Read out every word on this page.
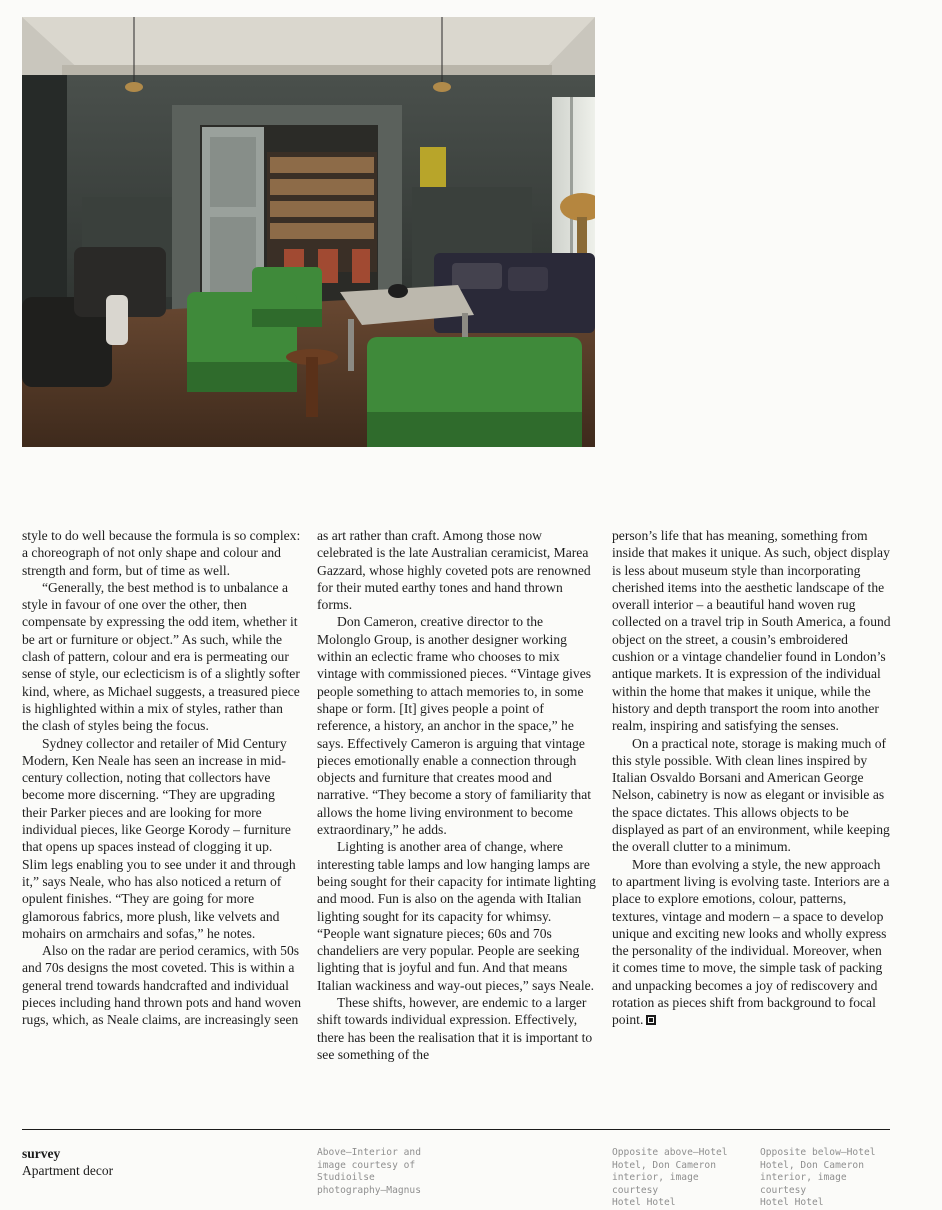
style to do well because the formula is so complex: a choreograph of not only shape and colour and strength and form, but of time as well.

“Generally, the best method is to unbalance a style in favour of one over the other, then compensate by expressing the odd item, whether it be art or furniture or object.” As such, while the clash of pattern, colour and era is permeating our sense of style, our eclecticism is of a slightly softer kind, where, as Michael suggests, a treasured piece is highlighted within a mix of styles, rather than the clash of styles being the focus.

Sydney collector and retailer of Mid Century Modern, Ken Neale has seen an increase in mid-century collection, noting that collectors have become more discerning. “They are upgrading their Parker pieces and are looking for more individual pieces, like George Korody – furniture that opens up spaces instead of clogging it up. Slim legs enabling you to see under it and through it,” says Neale, who has also noticed a return of opulent finishes. “They are going for more glamorous fabrics, more plush, like velvets and mohairs on armchairs and sofas,” he notes.

Also on the radar are period ceramics, with 50s and 70s designs the most coveted. This is within a general trend towards handcrafted and individual pieces including hand thrown pots and hand woven rugs, which, as Neale claims, are increasingly seen

as art rather than craft. Among those now celebrated is the late Australian ceramicist, Marea Gazzard, whose highly coveted pots are renowned for their muted earthy tones and hand thrown forms.

Don Cameron, creative director to the Molonglo Group, is another designer working within an eclectic frame who chooses to mix vintage with commissioned pieces. “Vintage gives people something to attach memories to, in some shape or form. [It] gives people a point of reference, a history, an anchor in the space,” he says. Effectively Cameron is arguing that vintage pieces emotionally enable a connection through objects and furniture that creates mood and narrative. “They become a story of familiarity that allows the home living environment to become extraordinary,” he adds.

Lighting is another area of change, where interesting table lamps and low hanging lamps are being sought for their capacity for intimate lighting and mood. Fun is also on the agenda with Italian lighting sought for its capacity for whimsy. “People want signature pieces; 60s and 70s chandeliers are very popular. People are seeking lighting that is joyful and fun. And that means Italian wackiness and way-out pieces,” says Neale.

These shifts, however, are endemic to a larger shift towards individual expression. Effectively, there has been the realisation that it is important to see something of the

person’s life that has meaning, something from inside that makes it unique. As such, object display is less about museum style than incorporating cherished items into the aesthetic landscape of the overall interior – a beautiful hand woven rug collected on a travel trip in South America, a found object on the street, a cousin’s embroidered cushion or a vintage chandelier found in London’s antique markets. It is expression of the individual within the home that makes it unique, while the history and depth transport the room into another realm, inspiring and satisfying the senses.

On a practical note, storage is making much of this style possible. With clean lines inspired by Italian Osvaldo Borsani and American George Nelson, cabinetry is now as elegant or invisible as the space dictates. This allows objects to be displayed as part of an environment, while keeping the overall clutter to a minimum.

More than evolving a style, the new approach to apartment living is evolving taste. Interiors are a place to explore emotions, colour, patterns, textures, vintage and modern – a space to develop unique and exciting new looks and wholly express the personality of the individual. Moreover, when it comes time to move, the simple task of packing and unpacking becomes a joy of rediscovery and rotation as pieces shift from background to focal point.

survey
Apartment decor
Above—Interior and
image courtesy of
Studioilse
photography—Magnus
Opposite above—Hotel
Hotel, Don Cameron
interior, image courtesy
Hotel Hotel
Opposite below—Hotel
Hotel, Don Cameron
interior, image courtesy
Hotel Hotel
